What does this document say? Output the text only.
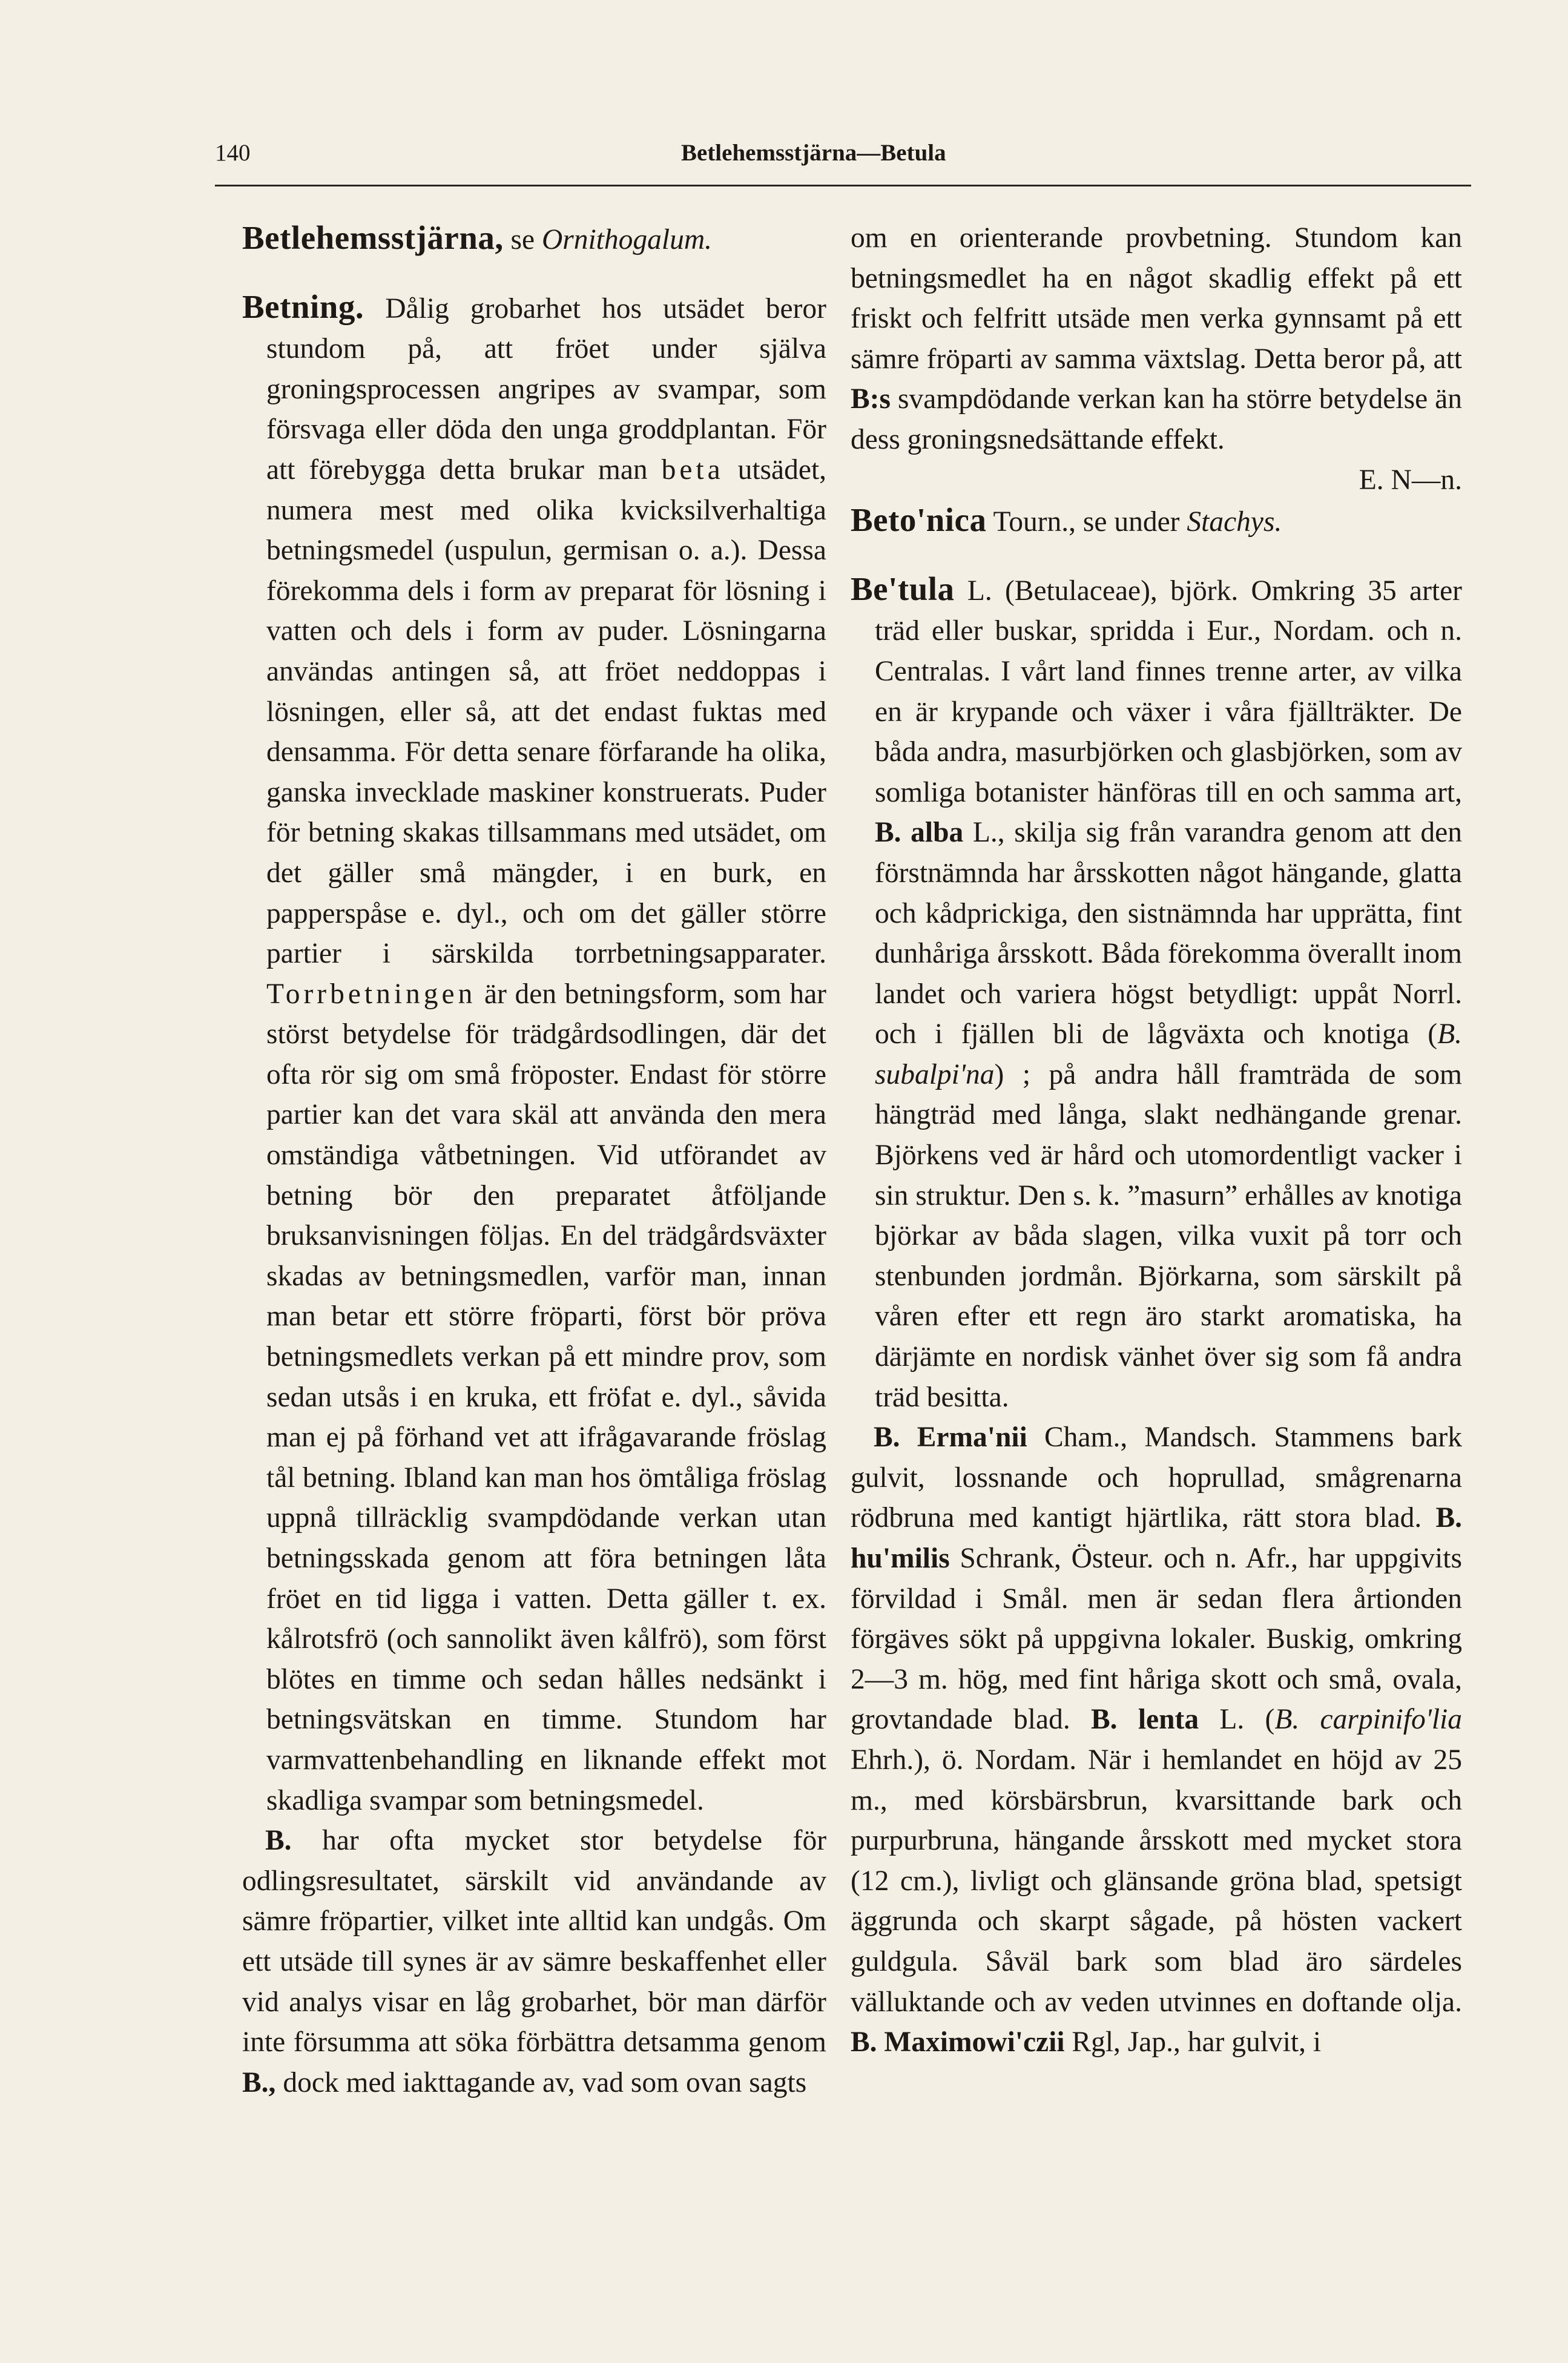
140	Betlehemsstjärna—Betula

Betlehemsstjärna, se Ornithogalum.

Betning. Dålig grobarhet hos utsädet beror stundom på, att fröet under själva groningsprocessen angripes av svampar, som försvaga eller döda den unga groddplantan. För att förebygga detta brukar man beta utsädet, numera mest med olika kvicksilverhaltiga betningsmedel (uspulun, germisan o. a.). Dessa förekomma dels i form av preparat för lösning i vatten och dels i form av puder. Lösningarna användas antingen så, att fröet neddoppas i lösningen, eller så, att det endast fuktas med densamma. För detta senare förfarande ha olika, ganska invecklade maskiner konstruerats. Puder för betning skakas tillsammans med utsädet, om det gäller små mängder, i en burk, en papperspåse e. dyl., och om det gäller större partier i särskilda torrbetningsapparater. Torrbetningen är den betningsform, som har störst betydelse för trädgårdsodlingen, där det ofta rör sig om små fröposter. Endast för större partier kan det vara skäl att använda den mera omständiga våtbetningen. Vid utförandet av betning bör den preparatet åtföljande bruksanvisningen följas. En del trädgårdsväxter skadas av betningsmedlen, varför man, innan man betar ett större fröparti, först bör pröva betningsmedlets verkan på ett mindre prov, som sedan utsås i en kruka, ett fröfat e. dyl., såvida man ej på förhand vet att ifrågavarande fröslag tål betning. Ibland kan man hos ömtåliga fröslag uppnå tillräcklig svampdödande verkan utan betningsskada genom att föra betningen låta fröet en tid ligga i vatten. Detta gäller t. ex. kålrotsfrö (och sannolikt även kålfrö), som först blötes en timme och sedan hålles nedsänkt i betningsvätskan en timme. Stundom har varmvattenbehandling en liknande effekt mot skadliga svampar som betningsmedel.

B. har ofta mycket stor betydelse för odlingsresultatet, särskilt vid användande av sämre fröpartier, vilket inte alltid kan undgås. Om ett utsäde till synes är av sämre beskaffenhet eller vid analys visar en låg grobarhet, bör man därför inte försumma att söka förbättra detsamma genom B., dock med iakttagande av, vad som ovan sagts

om en orienterande provbetning. Stundom kan betningsmedlet ha en något skadlig effekt på ett friskt och felfritt utsäde men verka gynnsamt på ett sämre fröparti av samma växtslag. Detta beror på, att B:s svampdödande verkan kan ha större betydelse än dess groningsnedsättande effekt.

E. N—n.

Beto'nica Tourn., se under Stachys.

Be'tula L. (Betulaceae), björk. Omkring 35 arter träd eller buskar, spridda i Eur., Nordam. och n. Centralas. I vårt land finnes trenne arter, av vilka en är krypande och växer i våra fjällträkter. De båda andra, masurbjörken och glasbjörken, som av somliga botanister hänföras till en och samma art, B. alba L., skilja sig från varandra genom att den förstnämnda har årsskotten något hängande, glatta och kådprickiga, den sistnämnda har upprätta, fint dunhåriga årsskott. Båda förekomma överallt inom landet och variera högst betydligt: uppåt Norrl. och i fjällen bli de lågväxta och knotiga (B. subalpi'na) ; på andra håll framträda de som hängträd med långa, slakt nedhängande grenar. Björkens ved är hård och utomordentligt vacker i sin struktur. Den s. k. ”masurn” erhålles av knotiga björkar av båda slagen, vilka vuxit på torr och stenbunden jordmån. Björkarna, som särskilt på våren efter ett regn äro starkt aromatiska, ha därjämte en nordisk vänhet över sig som få andra träd besitta.

B. Erma'nii Cham., Mandsch. Stammens bark gulvit, lossnande och hoprullad, smågrenarna rödbruna med kantigt hjärtlika, rätt stora blad. B. hu'milis Schrank, Östeur. och n. Afr., har uppgivits förvildad i Smål. men är sedan flera årtionden förgäves sökt på uppgivna lokaler. Buskig, omkring 2—3 m. hög, med fint håriga skott och små, ovala, grovtandade blad. B. lenta L. (B. carpinifo'lia Ehrh.), ö. Nordam. När i hemlandet en höjd av 25 m., med körsbärsbrun, kvarsittande bark och purpurbruna, hängande årsskott med mycket stora (12 cm.), livligt och glänsande gröna blad, spetsigt äggrunda och skarpt sågade, på hösten vackert guldgula. Såväl bark som blad äro särdeles välluktande och av veden utvinnes en doftande olja. B. Maximowi'czii Rgl, Jap., har gulvit, i
